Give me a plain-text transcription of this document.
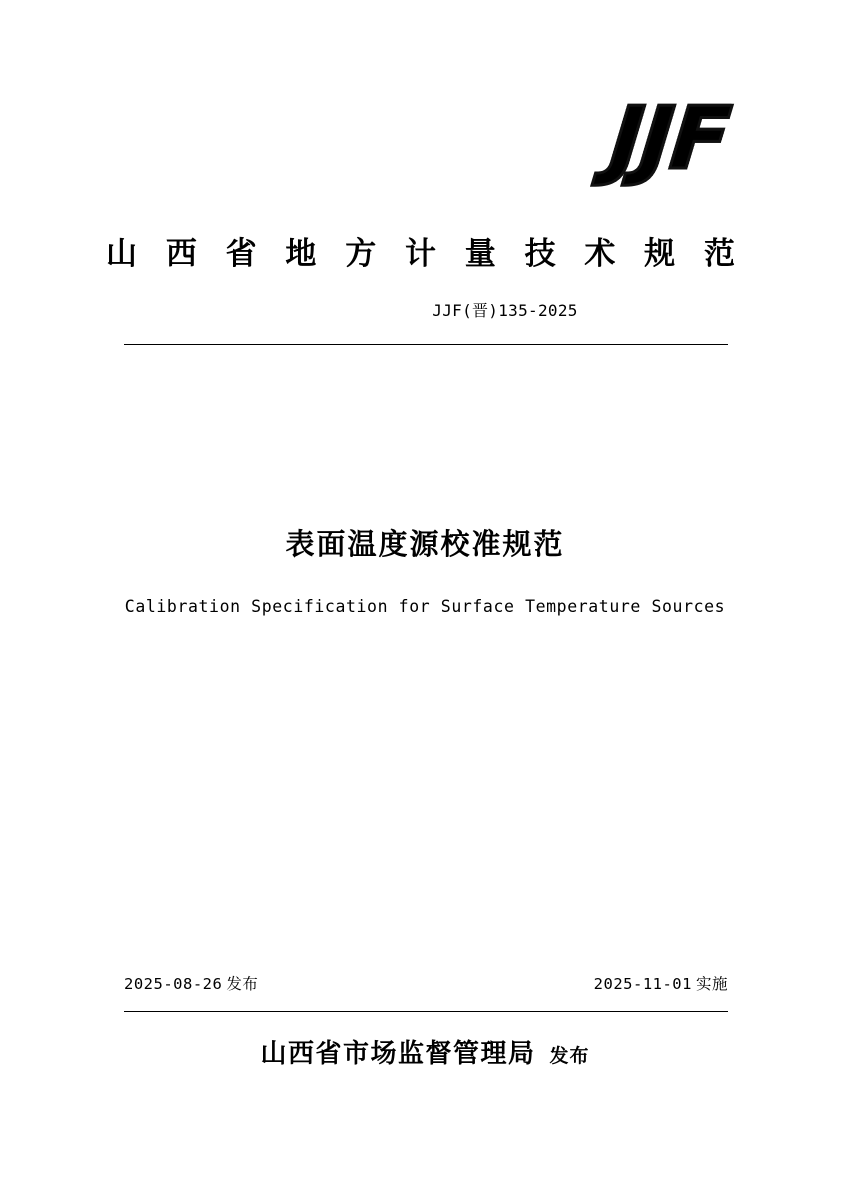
JJF
山 西 省 地 方 计 量 技 术 规 范
JJF(晋)135-2025
表面温度源校准规范
Calibration Specification for Surface Temperature Sources
2025-08-26 发布	2025-11-01 实施
山西省市场监督管理局 发布
